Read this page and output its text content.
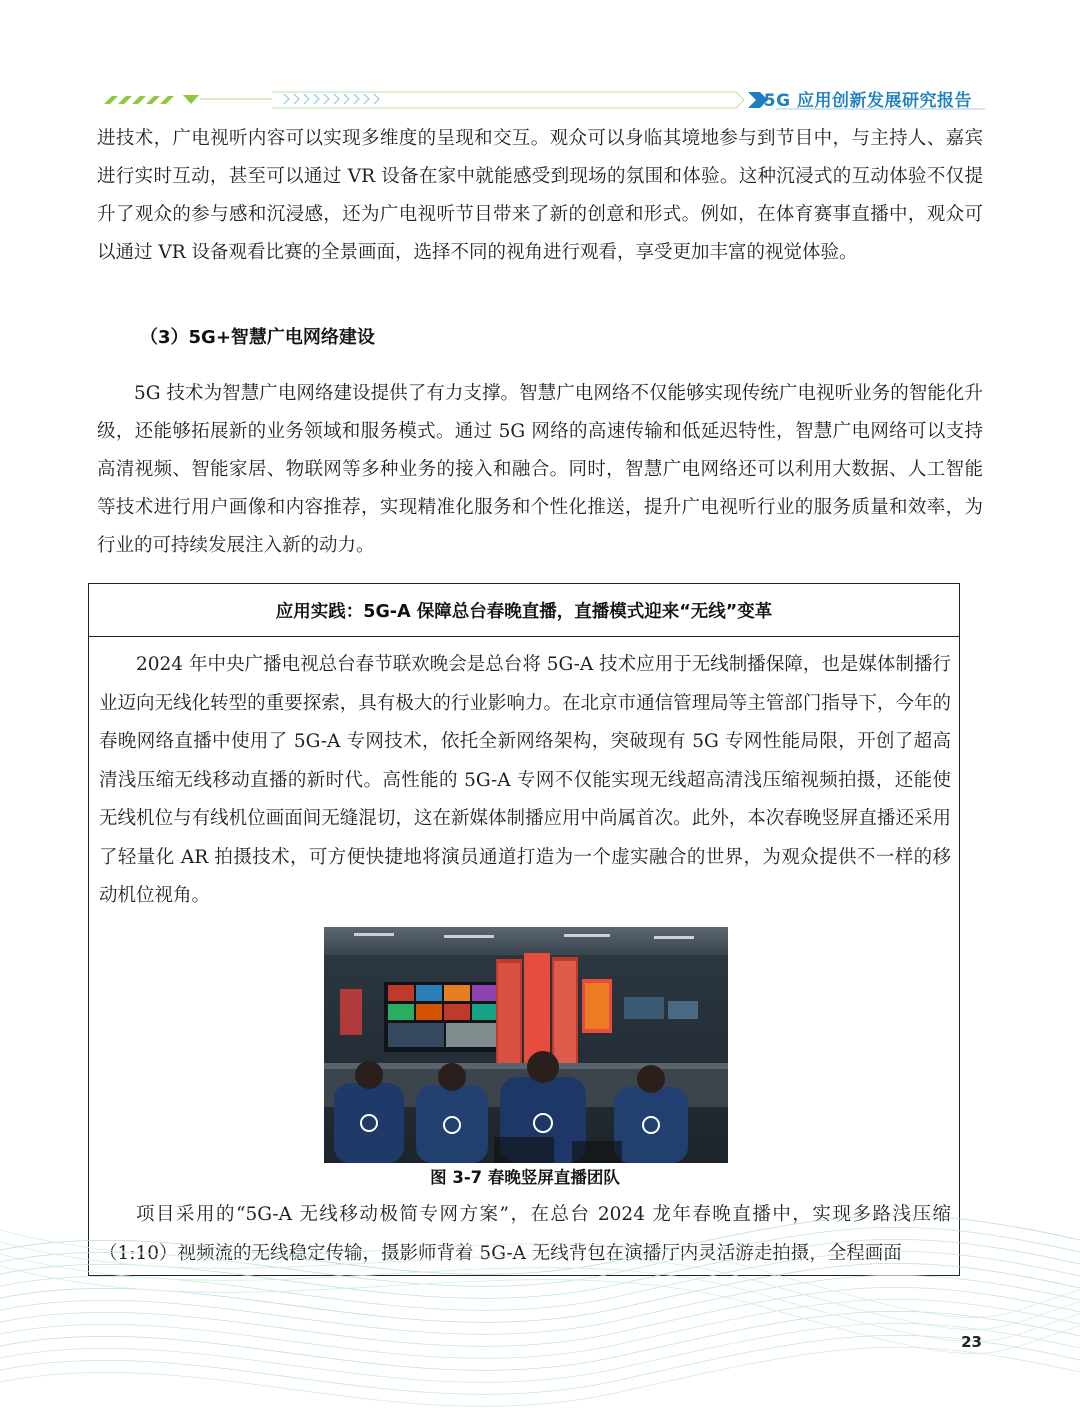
5G 应用创新发展研究报告

进技术，广电视听内容可以实现多维度的呈现和交互。观众可以身临其境地参与到节目中，与主持人、嘉宾进行实时互动，甚至可以通过 VR 设备在家中就能感受到现场的氛围和体验。这种沉浸式的互动体验不仅提升了观众的参与感和沉浸感，还为广电视听节目带来了新的创意和形式。例如，在体育赛事直播中，观众可以通过 VR 设备观看比赛的全景画面，选择不同的视角进行观看，享受更加丰富的视觉体验。

（3）5G+智慧广电网络建设

5G 技术为智慧广电网络建设提供了有力支撑。智慧广电网络不仅能够实现传统广电视听业务的智能化升级，还能够拓展新的业务领域和服务模式。通过 5G 网络的高速传输和低延迟特性，智慧广电网络可以支持高清视频、智能家居、物联网等多种业务的接入和融合。同时，智慧广电网络还可以利用大数据、人工智能等技术进行用户画像和内容推荐，实现精准化服务和个性化推送，提升广电视听行业的服务质量和效率，为行业的可持续发展注入新的动力。

应用实践：5G-A 保障总台春晚直播，直播模式迎来“无线”变革

2024 年中央广播电视总台春节联欢晚会是总台将 5G-A 技术应用于无线制播保障，也是媒体制播行业迈向无线化转型的重要探索，具有极大的行业影响力。在北京市通信管理局等主管部门指导下，今年的春晚网络直播中使用了 5G-A 专网技术，依托全新网络架构，突破现有 5G 专网性能局限，开创了超高清浅压缩无线移动直播的新时代。高性能的 5G-A 专网不仅能实现无线超高清浅压缩视频拍摄，还能使无线机位与有线机位画面间无缝混切，这在新媒体制播应用中尚属首次。此外，本次春晚竖屏直播还采用了轻量化 AR 拍摄技术，可方便快捷地将演员通道打造为一个虚实融合的世界，为观众提供不一样的移动机位视角。

图 3-7 春晚竖屏直播团队

项目采用的“5G-A 无线移动极简专网方案”，在总台 2024 龙年春晚直播中，实现多路浅压缩（1:10）视频流的无线稳定传输，摄影师背着 5G-A 无线背包在演播厅内灵活游走拍摄，全程画面

23
